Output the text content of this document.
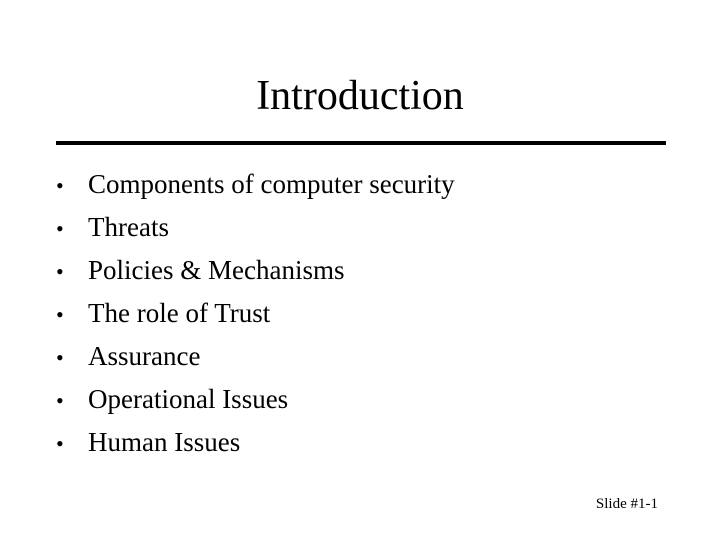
Introduction
• Components of computer security
• Threats
• Policies & Mechanisms
• The role of Trust
• Assurance
• Operational Issues
• Human Issues
Slide #1-1
